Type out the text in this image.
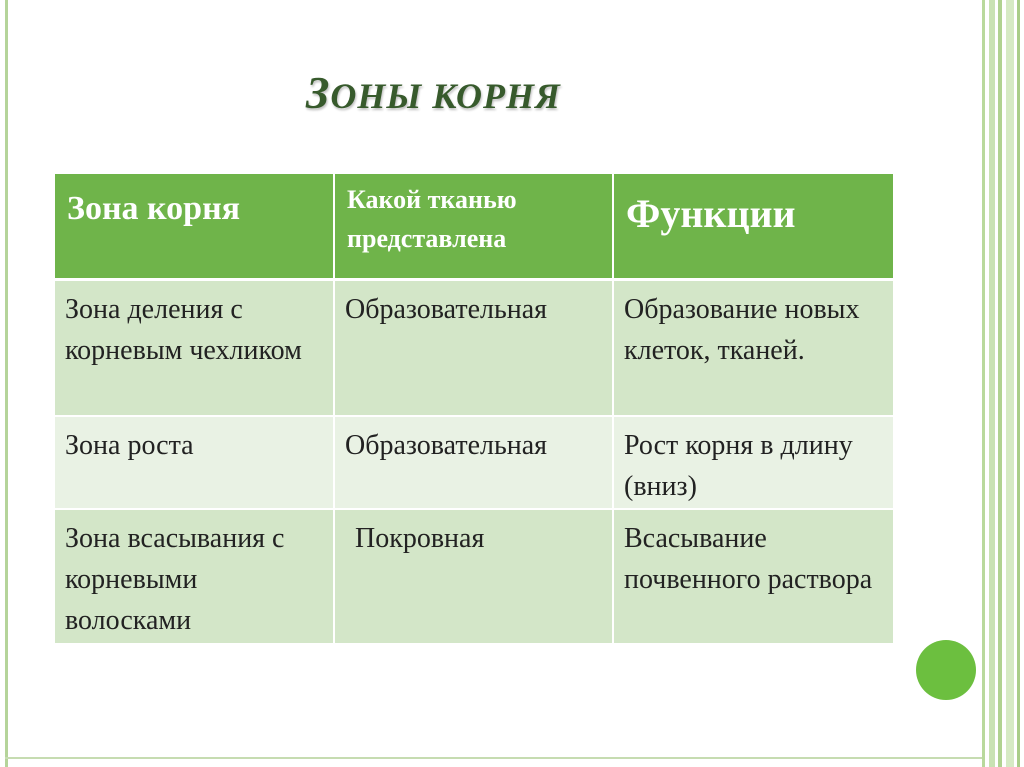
ЗОНЫ КОРНЯ
Зона корня	Какой тканью представлена	Функции
Зона деления с корневым чехликом	Образовательная	Образование новых клеток, тканей.
Зона роста	Образовательная	Рост корня в длину (вниз)
Зона всасывания с корневыми волосками	Покровная	Всасывание почвенного раствора
